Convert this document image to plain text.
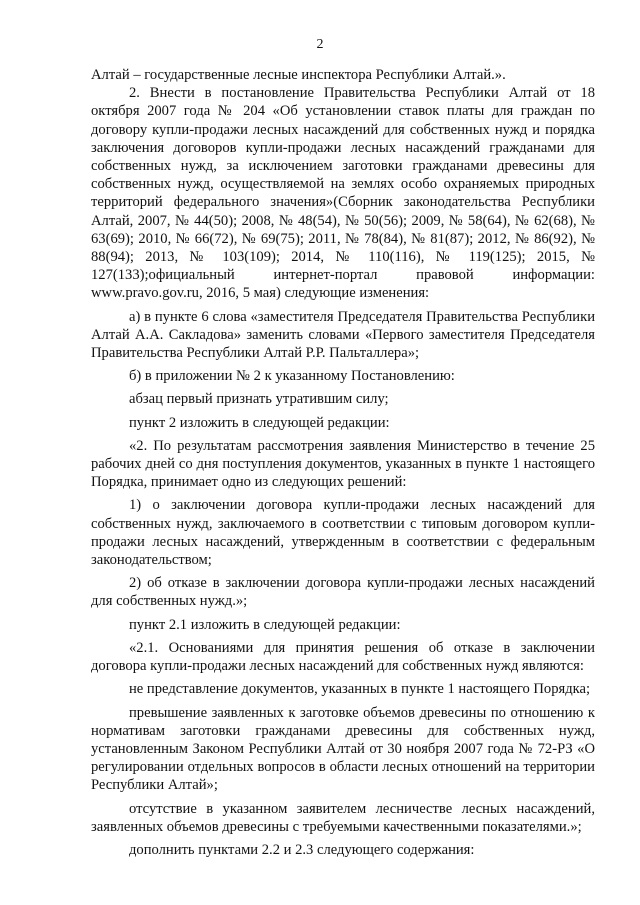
2

Алтай – государственные лесные инспектора Республики Алтай.».

2. Внести в постановление Правительства Республики Алтай от 18 октября 2007 года № 204 «Об установлении ставок платы для граждан по договору купли-продажи лесных насаждений для собственных нужд и порядка заключения договоров купли-продажи лесных насаждений гражданами для собственных нужд, за исключением заготовки гражданами древесины для собственных нужд, осуществляемой на землях особо охраняемых природных территорий федерального значения»(Сборник законодательства Республики Алтай, 2007, № 44(50); 2008, № 48(54), № 50(56); 2009, № 58(64), № 62(68), № 63(69); 2010, № 66(72), № 69(75); 2011, № 78(84), № 81(87); 2012, № 86(92), № 88(94); 2013, № 103(109); 2014, № 110(116), № 119(125); 2015, № 127(133);официальный интернет-портал правовой информации: www.pravo.gov.ru, 2016, 5 мая) следующие изменения:

а) в пункте 6 слова «заместителя Председателя Правительства Республики Алтай А.А. Сакладова» заменить словами «Первого заместителя Председателя Правительства Республики Алтай Р.Р. Пальталлера»;

б) в приложении № 2 к указанному Постановлению:

абзац первый признать утратившим силу;

пункт 2 изложить в следующей редакции:

«2. По результатам рассмотрения заявления Министерство в течение 25 рабочих дней со дня поступления документов, указанных в пункте 1 настоящего Порядка, принимает одно из следующих решений:

1) о заключении договора купли-продажи лесных насаждений для собственных нужд, заключаемого в соответствии с типовым договором купли-продажи лесных насаждений, утвержденным в соответствии с федеральным законодательством;

2) об отказе в заключении договора купли-продажи лесных насаждений для собственных нужд.»;

пункт 2.1 изложить в следующей редакции:

«2.1. Основаниями для принятия решения об отказе в заключении договора купли-продажи лесных насаждений для собственных нужд являются:

не представление документов, указанных в пункте 1 настоящего Порядка;

превышение заявленных к заготовке объемов древесины по отношению к нормативам заготовки гражданами древесины для собственных нужд, установленным Законом Республики Алтай от 30 ноября 2007 года № 72-РЗ «О регулировании отдельных вопросов в области лесных отношений на территории Республики Алтай»;

отсутствие в указанном заявителем лесничестве лесных насаждений, заявленных объемов древесины с требуемыми качественными показателями.»;

дополнить пунктами 2.2 и 2.3 следующего содержания:
